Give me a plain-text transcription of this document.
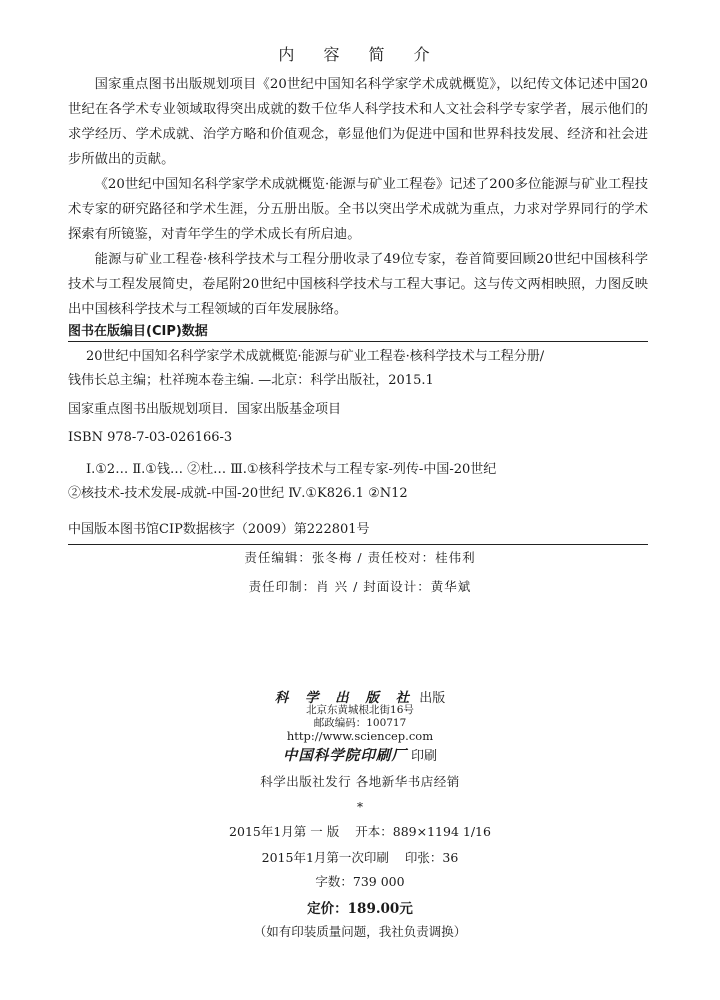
内 容 简 介

国家重点图书出版规划项目《20世纪中国知名科学家学术成就概览》，以纪传文体记述中国20世纪在各学术专业领域取得突出成就的数千位华人科学技术和人文社会科学专家学者，展示他们的求学经历、学术成就、治学方略和价值观念，彰显他们为促进中国和世界科技发展、经济和社会进步所做出的贡献。

《20世纪中国知名科学家学术成就概览·能源与矿业工程卷》记述了200多位能源与矿业工程技术专家的研究路径和学术生涯，分五册出版。全书以突出学术成就为重点，力求对学界同行的学术探索有所镜鉴，对青年学生的学术成长有所启迪。

能源与矿业工程卷·核科学技术与工程分册收录了49位专家，卷首简要回顾20世纪中国核科学技术与工程发展简史，卷尾附20世纪中国核科学技术与工程大事记。这与传文两相映照，力图反映出中国核科学技术与工程领域的百年发展脉络。

图书在版编目(CIP)数据
20世纪中国知名科学家学术成就概览·能源与矿业工程卷·核科学技术与工程分册/
钱伟长总主编；杜祥琬本卷主编. —北京：科学出版社，2015.1
国家重点图书出版规划项目．国家出版基金项目
ISBN 978-7-03-026166-3
Ⅰ.①2… Ⅱ.①钱… ②杜… Ⅲ.①核科学技术与工程专家-列传-中国-20世纪
②核技术-技术发展-成就-中国-20世纪 Ⅳ.①K826.1 ②N12
中国版本图书馆CIP数据核字（2009）第222801号
责任编辑：张冬梅 / 责任校对：桂伟利
责任印制：肖 兴 / 封面设计：黄华斌
科 学 出 版 社 出版
北京东黄城根北街16号
邮政编码：100717
http://www.sciencep.com
中国科学院印刷厂 印刷
科学出版社发行 各地新华书店经销
*
2015年1月第 一 版 开本：889×1194 1/16
2015年1月第一次印刷 印张：36
字数：739 000
定价：189.00元
（如有印装质量问题，我社负责调换）
